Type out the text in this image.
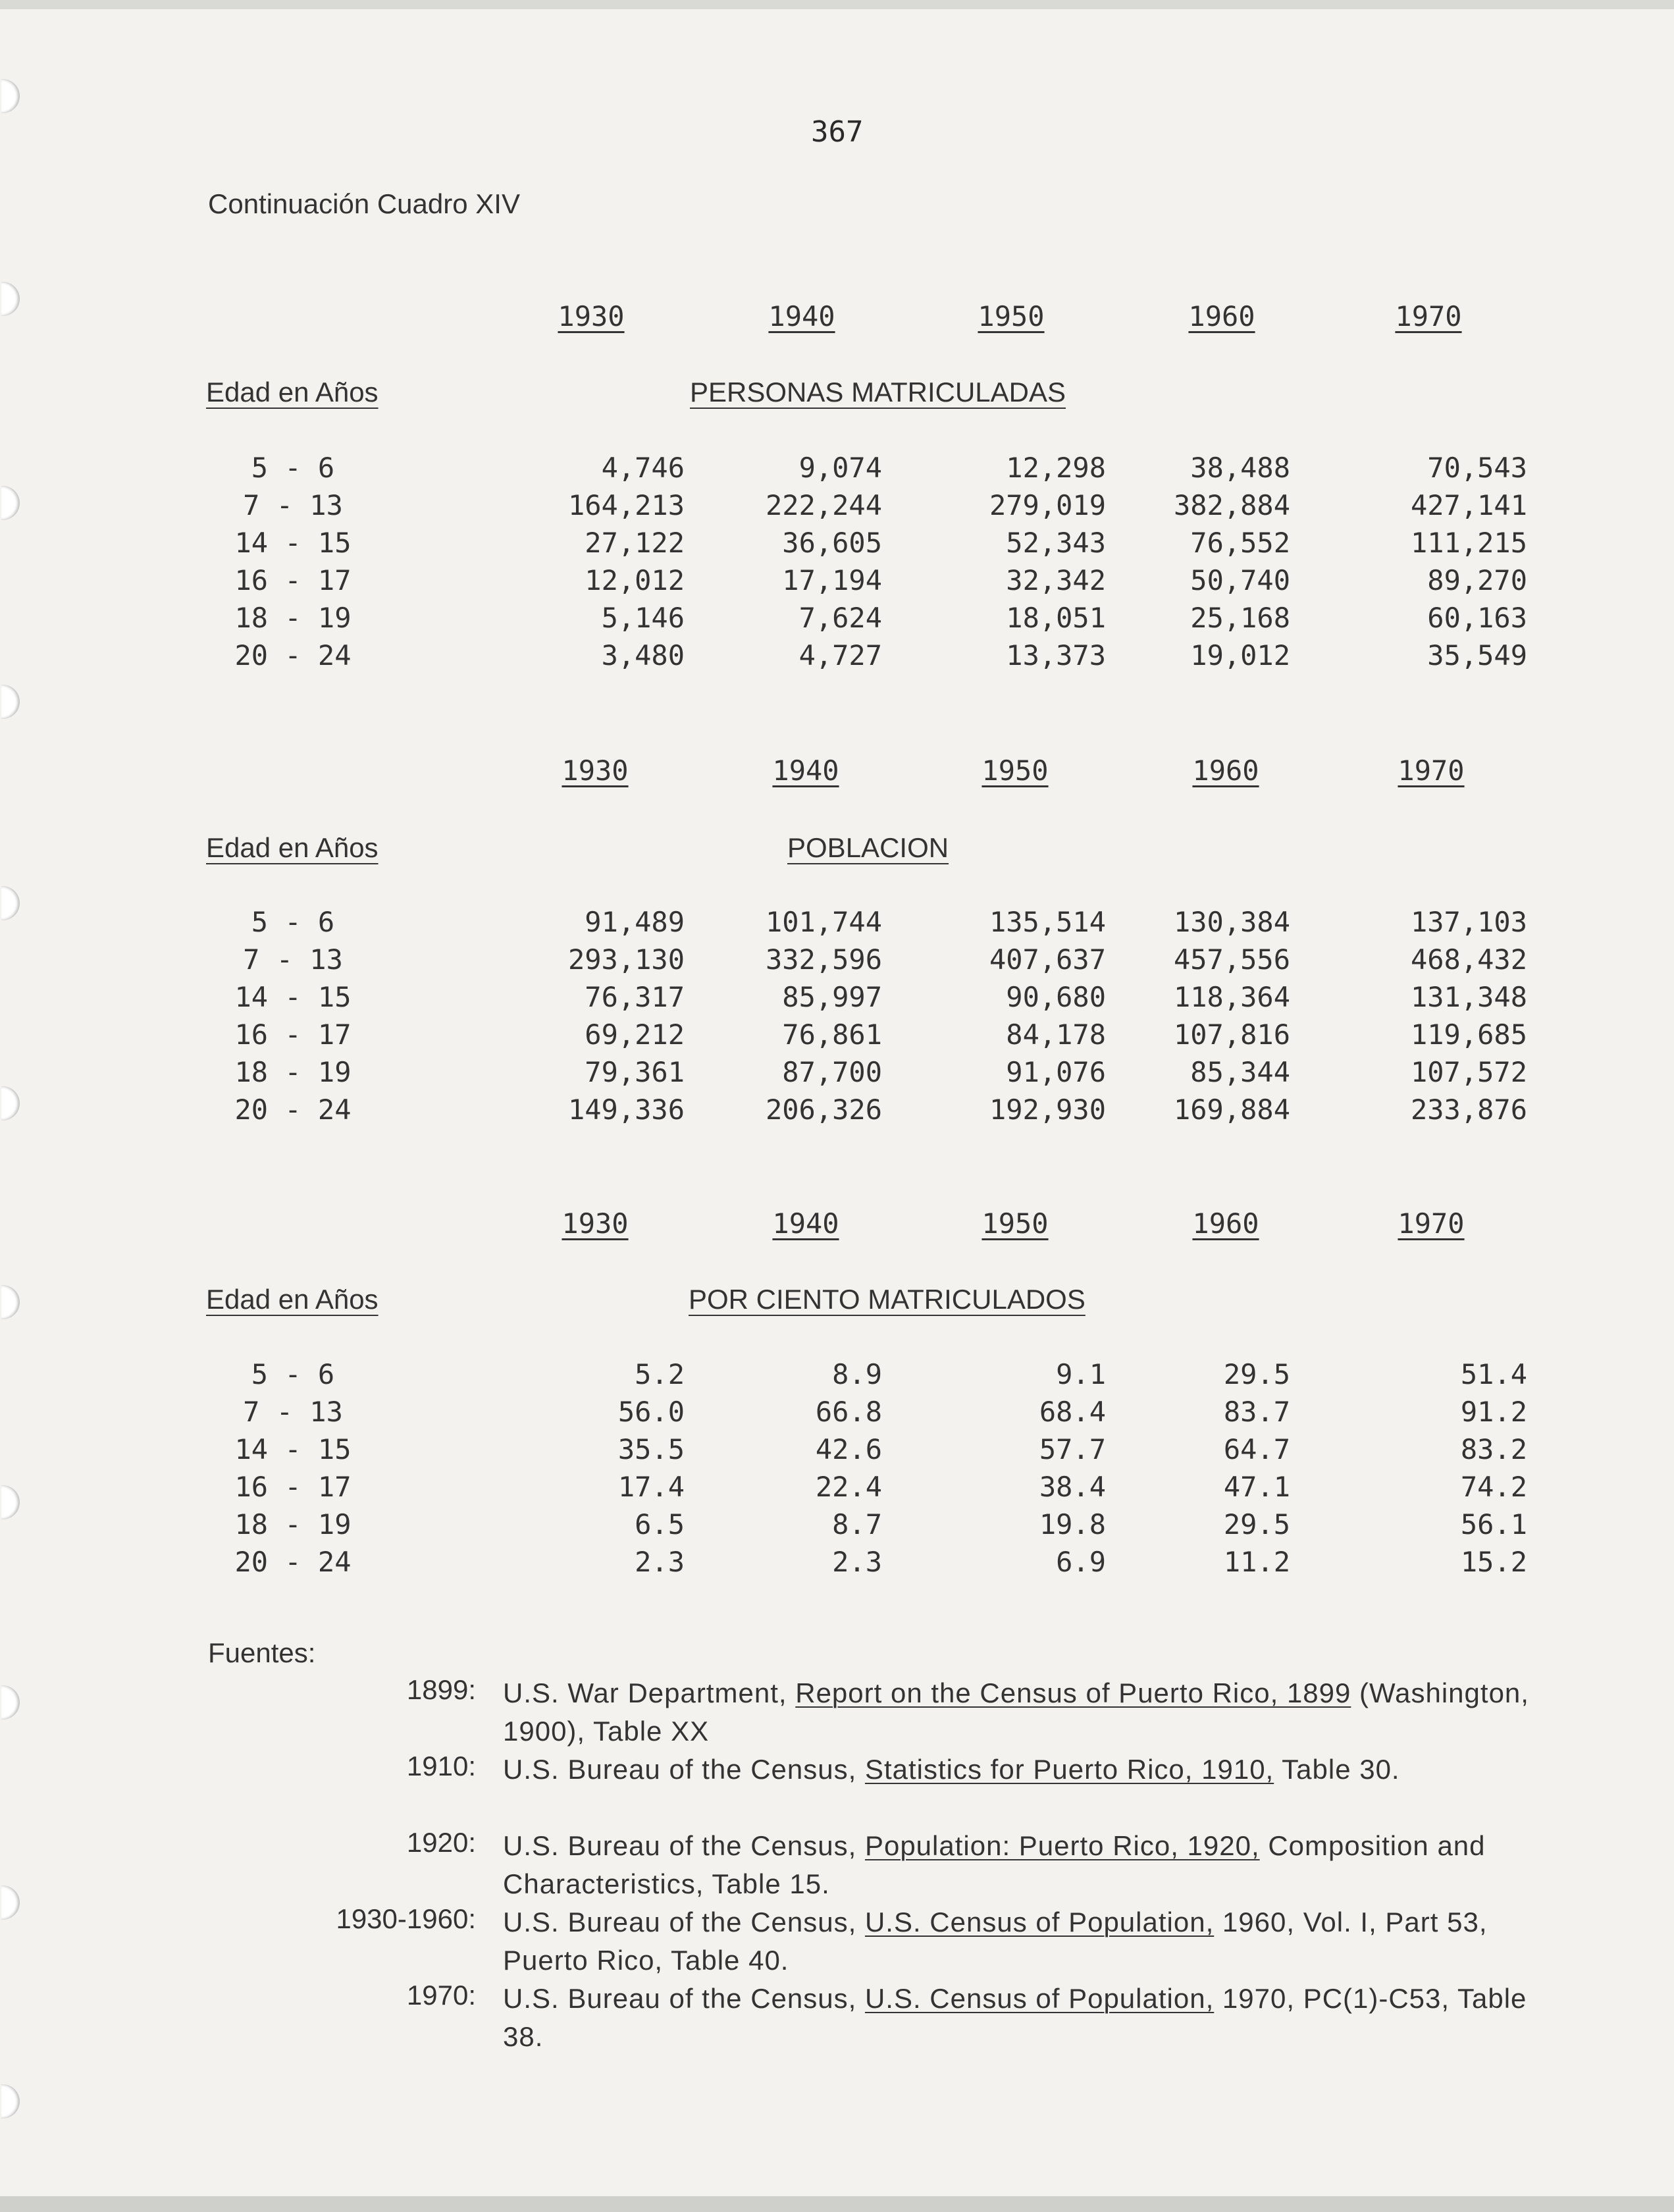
367
Continuación Cuadro XIV
1930	1940	1950	1960	1970
Edad en Años	PERSONAS MATRICULADAS
5 - 6	4,746	9,074	12,298	38,488	70,543
7 - 13	164,213	222,244	279,019	382,884	427,141
14 - 15	27,122	36,605	52,343	76,552	111,215
16 - 17	12,012	17,194	32,342	50,740	89,270
18 - 19	5,146	7,624	18,051	25,168	60,163
20 - 24	3,480	4,727	13,373	19,012	35,549
1930	1940	1950	1960	1970
Edad en Años	POBLACION
5 - 6	91,489	101,744	135,514	130,384	137,103
7 - 13	293,130	332,596	407,637	457,556	468,432
14 - 15	76,317	85,997	90,680	118,364	131,348
16 - 17	69,212	76,861	84,178	107,816	119,685
18 - 19	79,361	87,700	91,076	85,344	107,572
20 - 24	149,336	206,326	192,930	169,884	233,876
1930	1940	1950	1960	1970
Edad en Años	POR CIENTO MATRICULADOS
5 - 6	5.2	8.9	9.1	29.5	51.4
7 - 13	56.0	66.8	68.4	83.7	91.2
14 - 15	35.5	42.6	57.7	64.7	83.2
16 - 17	17.4	22.4	38.4	47.1	74.2
18 - 19	6.5	8.7	19.8	29.5	56.1
20 - 24	2.3	2.3	6.9	11.2	15.2
Fuentes:
1899: U.S. War Department, Report on the Census of Puerto Rico, 1899 (Washington, 1900), Table XX
1910: U.S. Bureau of the Census, Statistics for Puerto Rico, 1910, Table 30.
1920: U.S. Bureau of the Census, Population: Puerto Rico, 1920, Composition and Characteristics, Table 15.
1930-1960: U.S. Bureau of the Census, U.S. Census of Population, 1960, Vol. I, Part 53, Puerto Rico, Table 40.
1970: U.S. Bureau of the Census, U.S. Census of Population, 1970, PC(1)-C53, Table 38.
